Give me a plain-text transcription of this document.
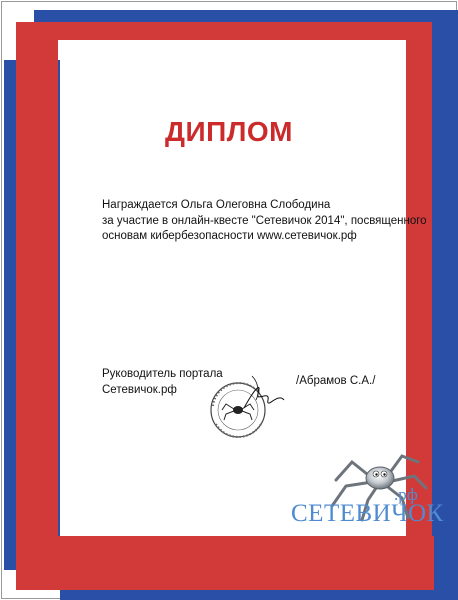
ДИПЛОМ

Награждается Ольга Олеговна Слободина
за участие в онлайн-квесте "Сетевичок 2014", посвященного
основам кибербезопасности www.сетевичок.рф

Руководитель портала
Сетевичок.рф

/Абрамов С.А./
.рф
СЕТЕВИЧОК
